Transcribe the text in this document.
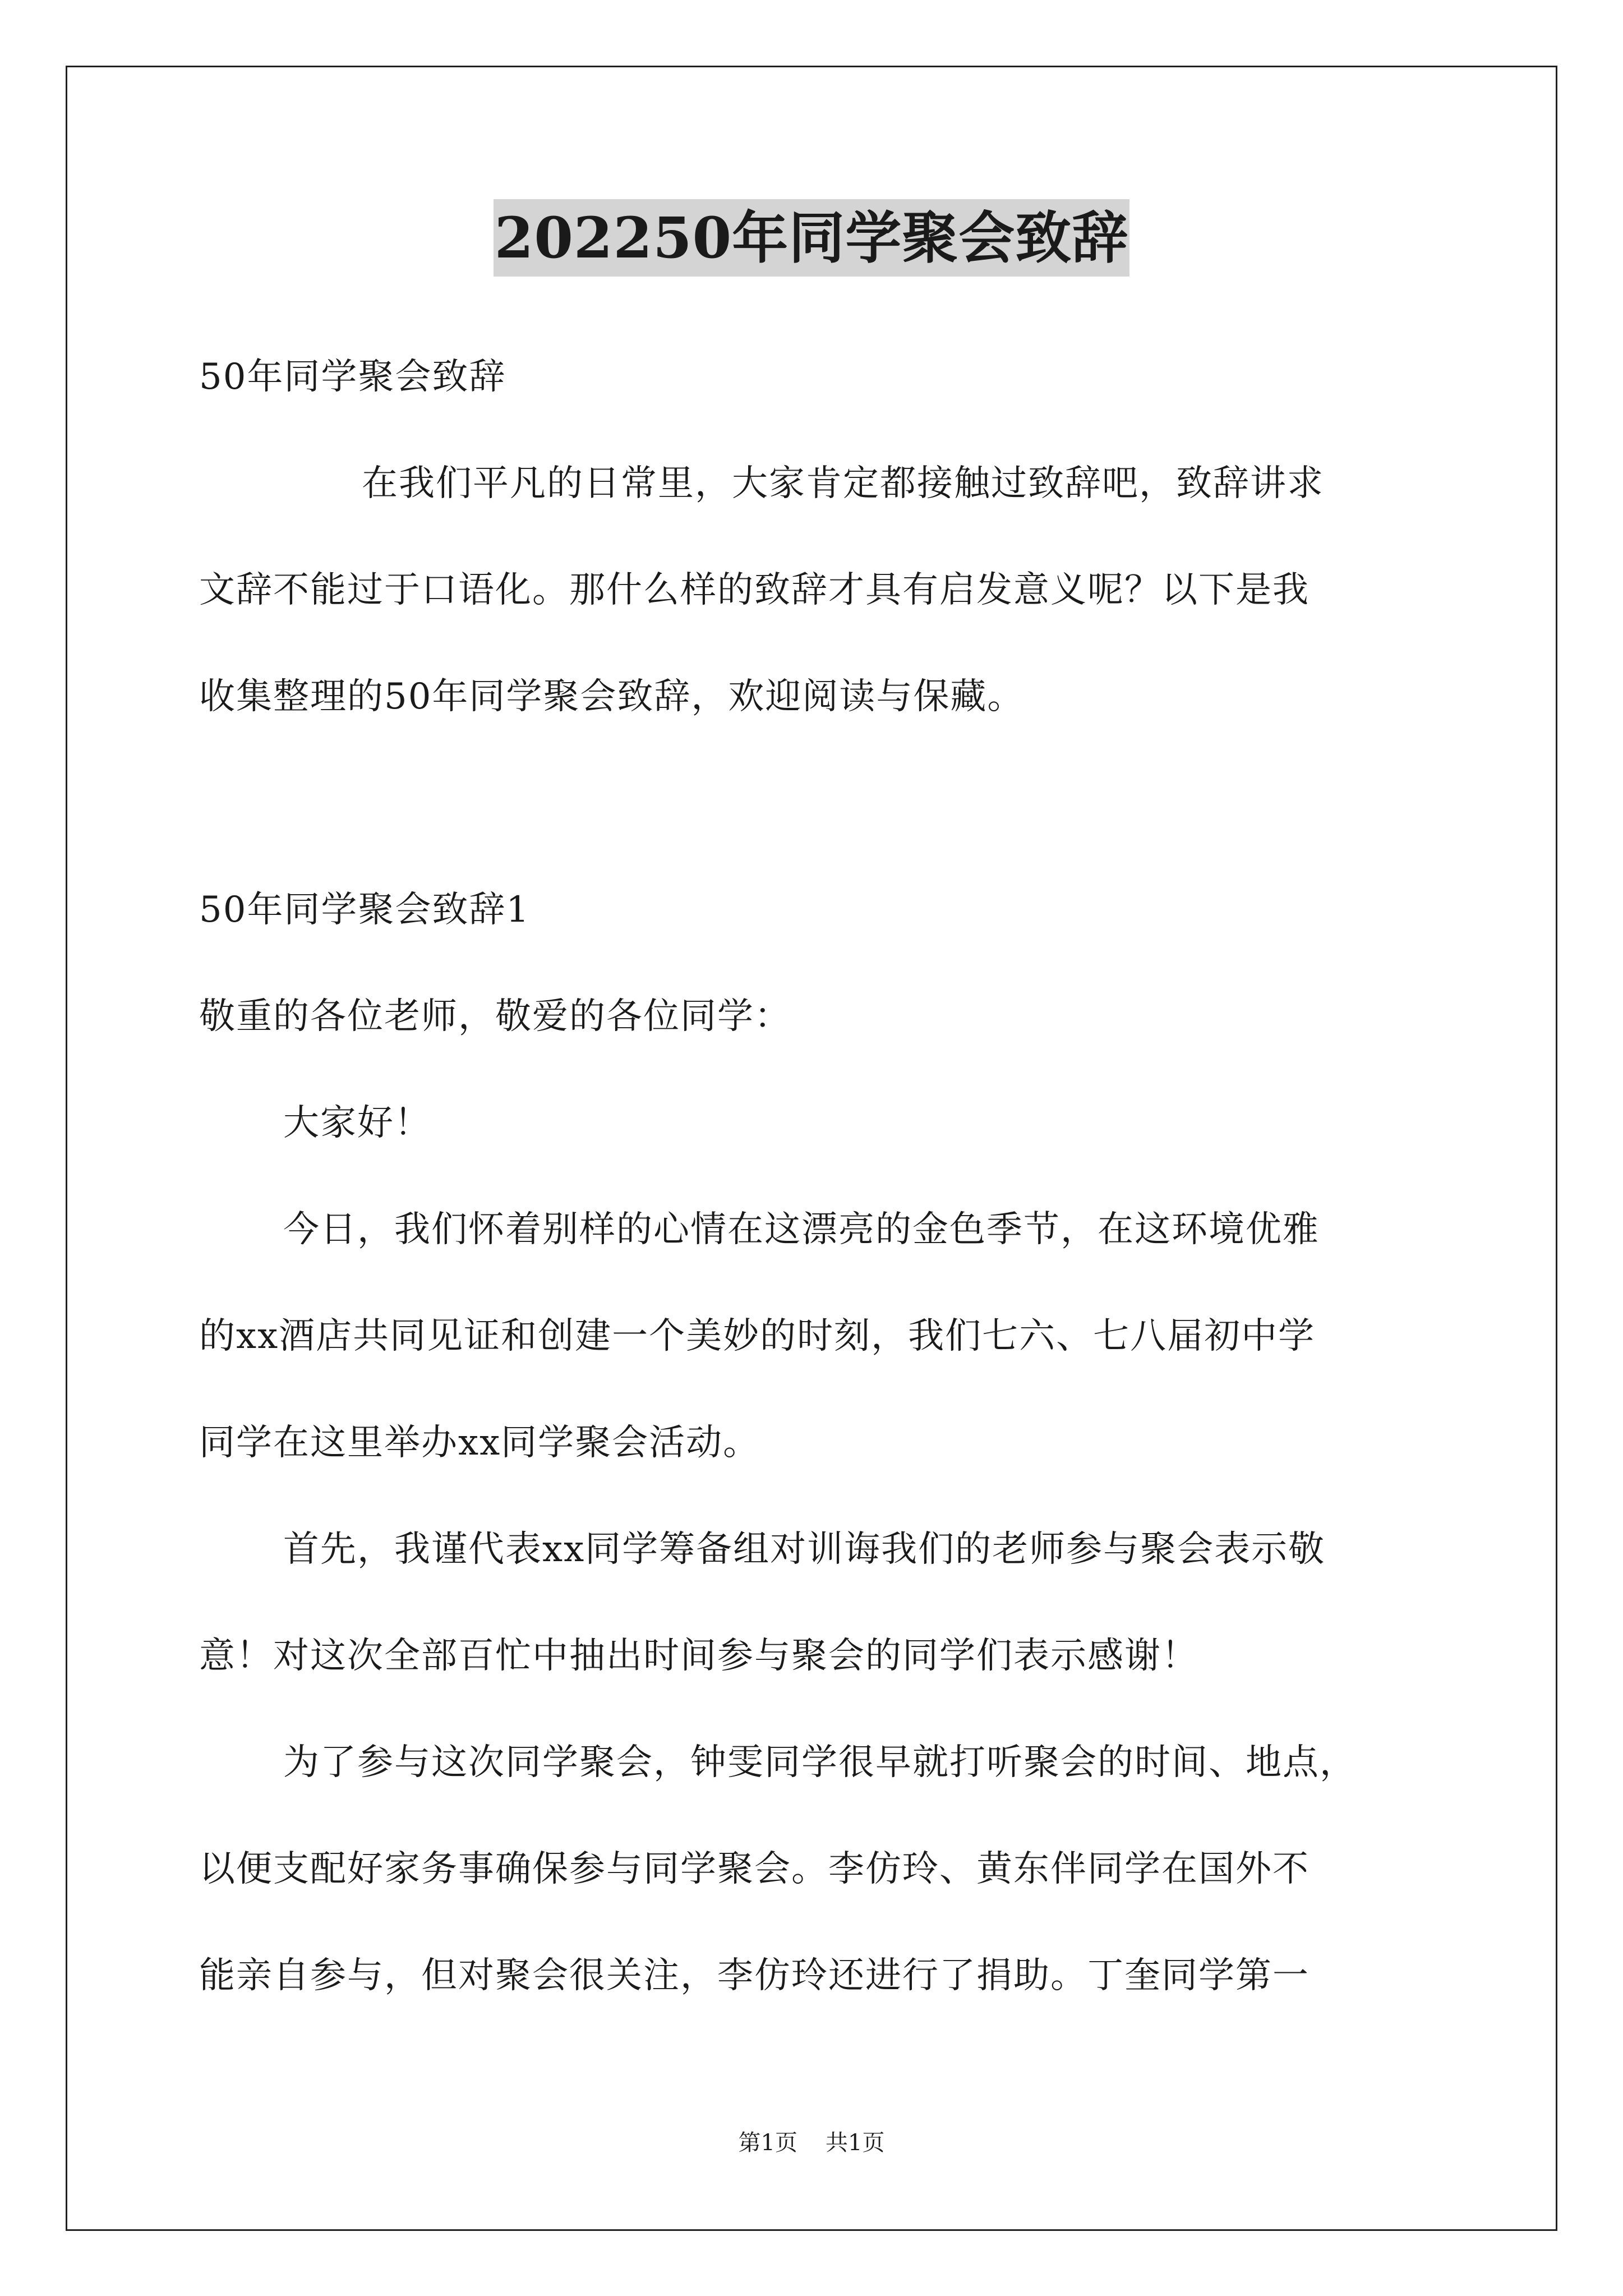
202250年同学聚会致辞
50年同学聚会致辞
在我们平凡的日常里，大家肯定都接触过致辞吧，致辞讲求
文辞不能过于口语化。那什么样的致辞才具有启发意义呢？以下是我
收集整理的50年同学聚会致辞，欢迎阅读与保藏。
50年同学聚会致辞1
敬重的各位老师，敬爱的各位同学：
大家好！
今日，我们怀着别样的心情在这漂亮的金色季节，在这环境优雅
的xx酒店共同见证和创建一个美妙的时刻，我们七六、七八届初中学
同学在这里举办xx同学聚会活动。
首先，我谨代表xx同学筹备组对训诲我们的老师参与聚会表示敬
意！对这次全部百忙中抽出时间参与聚会的同学们表示感谢！
为了参与这次同学聚会，钟雯同学很早就打听聚会的时间、地点，
以便支配好家务事确保参与同学聚会。李仿玲、黄东伴同学在国外不
能亲自参与，但对聚会很关注，李仿玲还进行了捐助。丁奎同学第一
第1页 共1页
